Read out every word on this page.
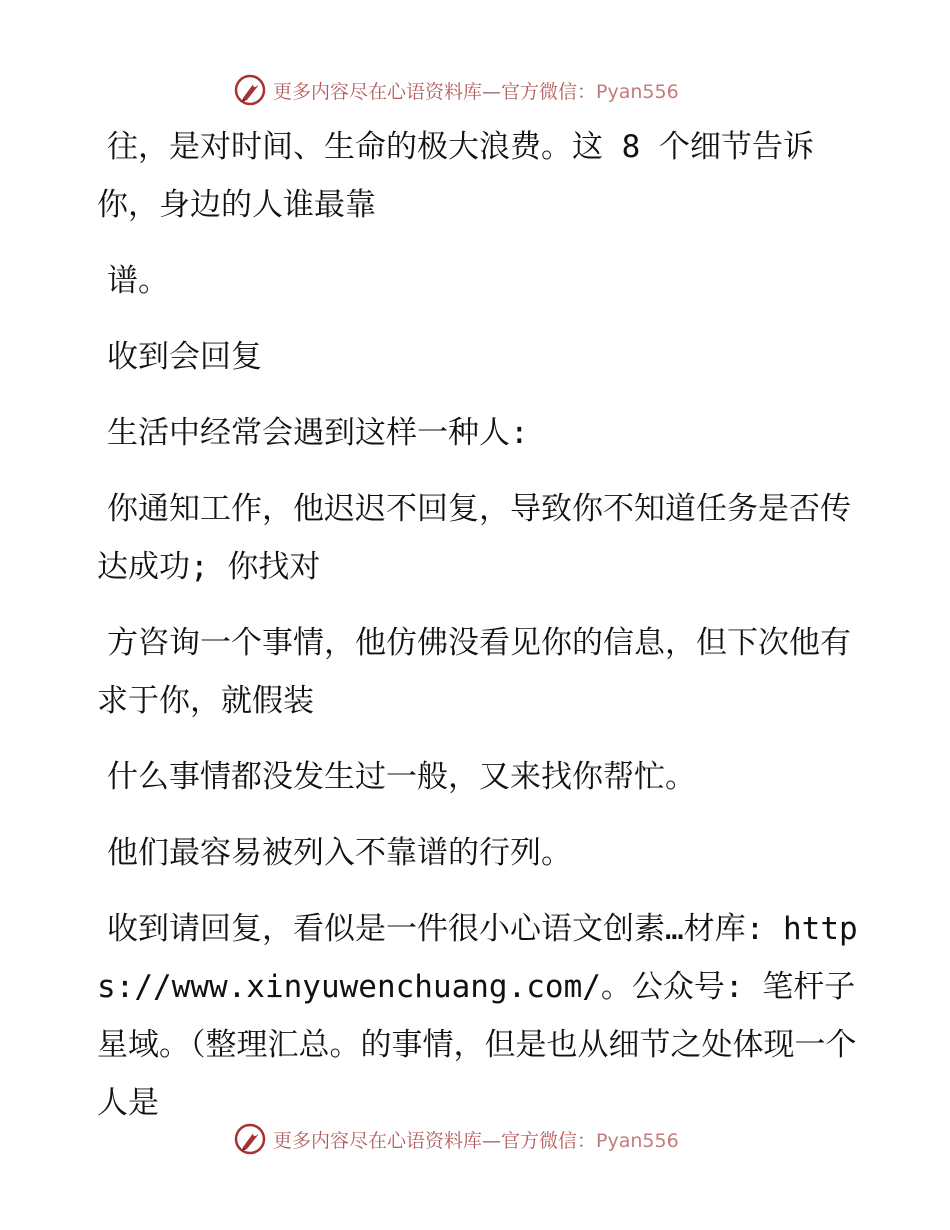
更多内容尽在心语资料库—官方微信：Pyan556

往，是对时间、生命的极大浪费。这 8 个细节告诉你，身边的人谁最靠

谱。

收到会回复

生活中经常会遇到这样一种人:

你通知工作，他迟迟不回复，导致你不知道任务是否传达成功; 你找对

方咨询一个事情，他仿佛没看见你的信息，但下次他有求于你，就假装

什么事情都没发生过一般，又来找你帮忙。

他们最容易被列入不靠谱的行列。

收到请回复，看似是一件很小心语文创素…材库: https://www.xinyuwenchuang.com/。公众号: 笔杆子星域。（整理汇总。的事情，但是也从细节之处体现一个人是

更多内容尽在心语资料库—官方微信：Pyan556
